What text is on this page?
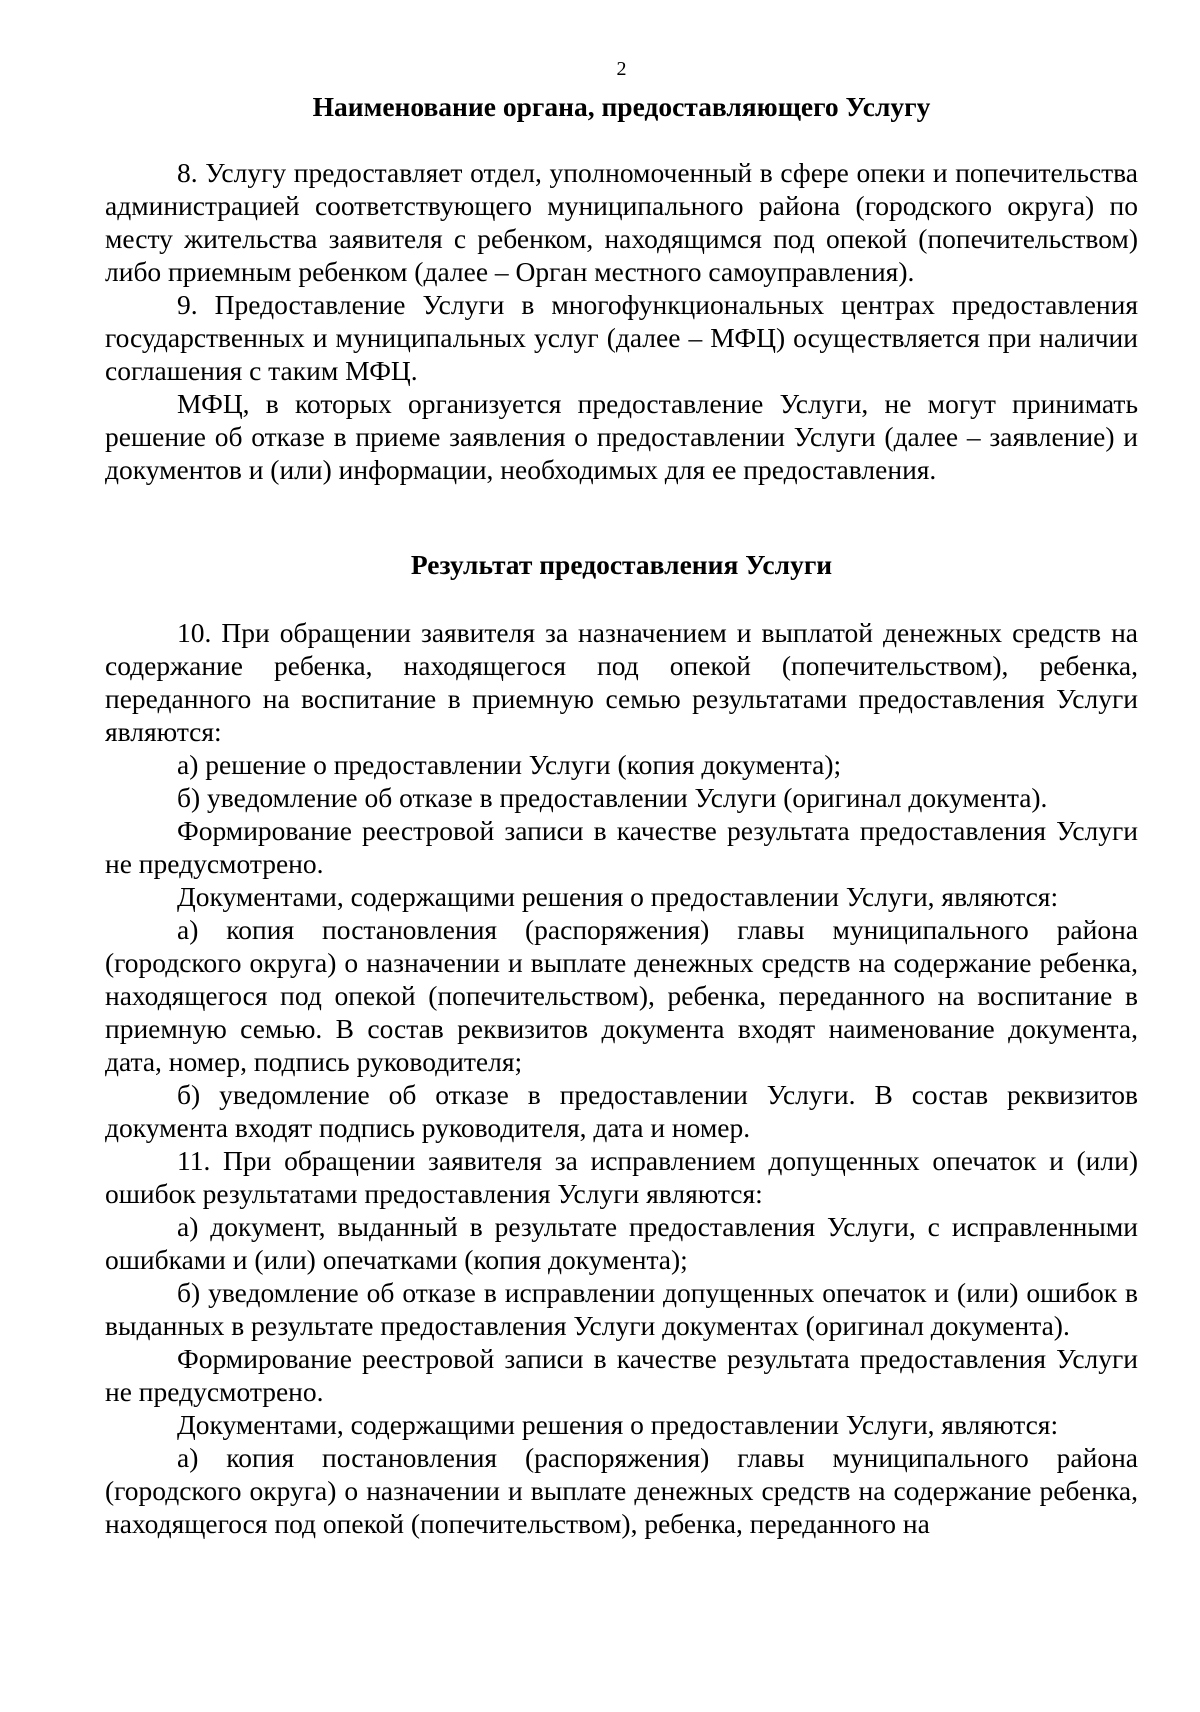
2
Наименование органа, предоставляющего Услугу

8. Услугу предоставляет отдел, уполномоченный в сфере опеки и попечительства администрацией соответствующего муниципального района (городского округа) по месту жительства заявителя с ребенком, находящимся под опекой (попечительством) либо приемным ребенком (далее – Орган местного самоуправления).

9. Предоставление Услуги в многофункциональных центрах предоставления государственных и муниципальных услуг (далее – МФЦ) осуществляется при наличии соглашения с таким МФЦ.

МФЦ, в которых организуется предоставление Услуги, не могут принимать решение об отказе в приеме заявления о предоставлении Услуги (далее – заявление) и документов и (или) информации, необходимых для ее предоставления.

Результат предоставления Услуги

10. При обращении заявителя за назначением и выплатой денежных средств на содержание ребенка, находящегося под опекой (попечительством), ребенка, переданного на воспитание в приемную семью результатами предоставления Услуги являются:

а) решение о предоставлении Услуги (копия документа);

б) уведомление об отказе в предоставлении Услуги (оригинал документа).

Формирование реестровой записи в качестве результата предоставления Услуги не предусмотрено.

Документами, содержащими решения о предоставлении Услуги, являются:

а) копия постановления (распоряжения) главы муниципального района (городского округа) о назначении и выплате денежных средств на содержание ребенка, находящегося под опекой (попечительством), ребенка, переданного на воспитание в приемную семью. В состав реквизитов документа входят наименование документа, дата, номер, подпись руководителя;

б) уведомление об отказе в предоставлении Услуги. В состав реквизитов документа входят подпись руководителя, дата и номер.

11. При обращении заявителя за исправлением допущенных опечаток и (или) ошибок результатами предоставления Услуги являются:

а) документ, выданный в результате предоставления Услуги, с исправленными ошибками и (или) опечатками (копия документа);

б) уведомление об отказе в исправлении допущенных опечаток и (или) ошибок в выданных в результате предоставления Услуги документах (оригинал документа).

Формирование реестровой записи в качестве результата предоставления Услуги не предусмотрено.

Документами, содержащими решения о предоставлении Услуги, являются:

а) копия постановления (распоряжения) главы муниципального района (городского округа) о назначении и выплате денежных средств на содержание ребенка, находящегося под опекой (попечительством), ребенка, переданного на
